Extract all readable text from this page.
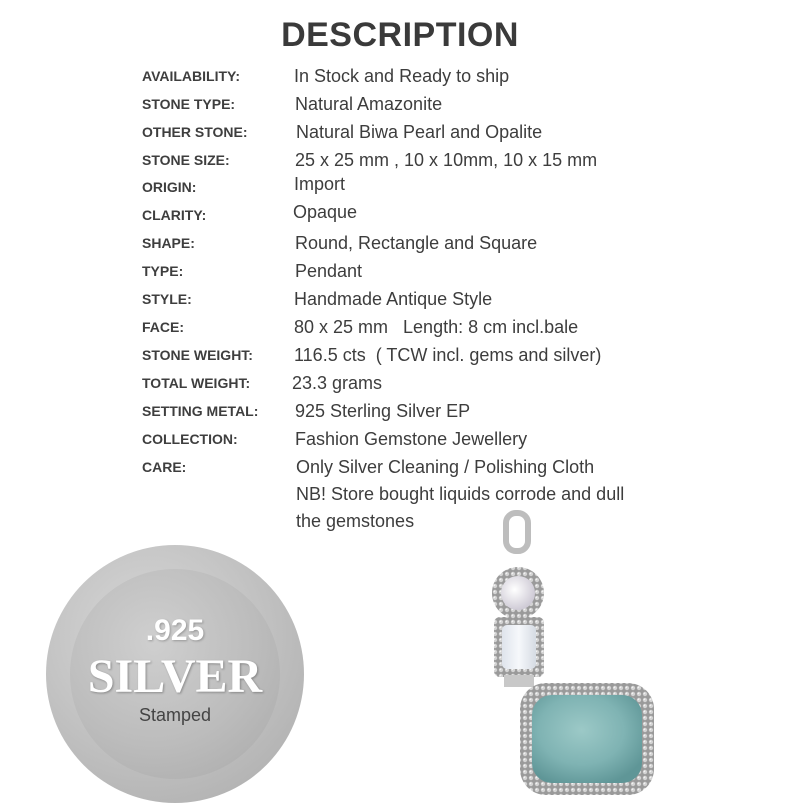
DESCRIPTION
AVAILABILITY:	In Stock and Ready to ship
STONE TYPE:	Natural Amazonite
OTHER STONE:	Natural Biwa Pearl and Opalite
STONE SIZE:	25 x 25 mm , 10 x 10mm, 10 x 15 mm
ORIGIN:	Import
CLARITY:	Opaque
SHAPE:	Round, Rectangle and Square
TYPE:	Pendant
STYLE:	Handmade Antique Style
FACE:	80 x 25 mm   Length: 8 cm incl.bale
STONE WEIGHT: 116.5 cts  ( TCW incl. gems and silver)
TOTAL WEIGHT: 23.3 grams
SETTING METAL: 925 Sterling Silver EP
COLLECTION:	Fashion Gemstone Jewellery
CARE:	Only Silver Cleaning / Polishing Cloth
NB! Store bought liquids corrode and dull
the gemstones
.925
SILVER
Stamped
